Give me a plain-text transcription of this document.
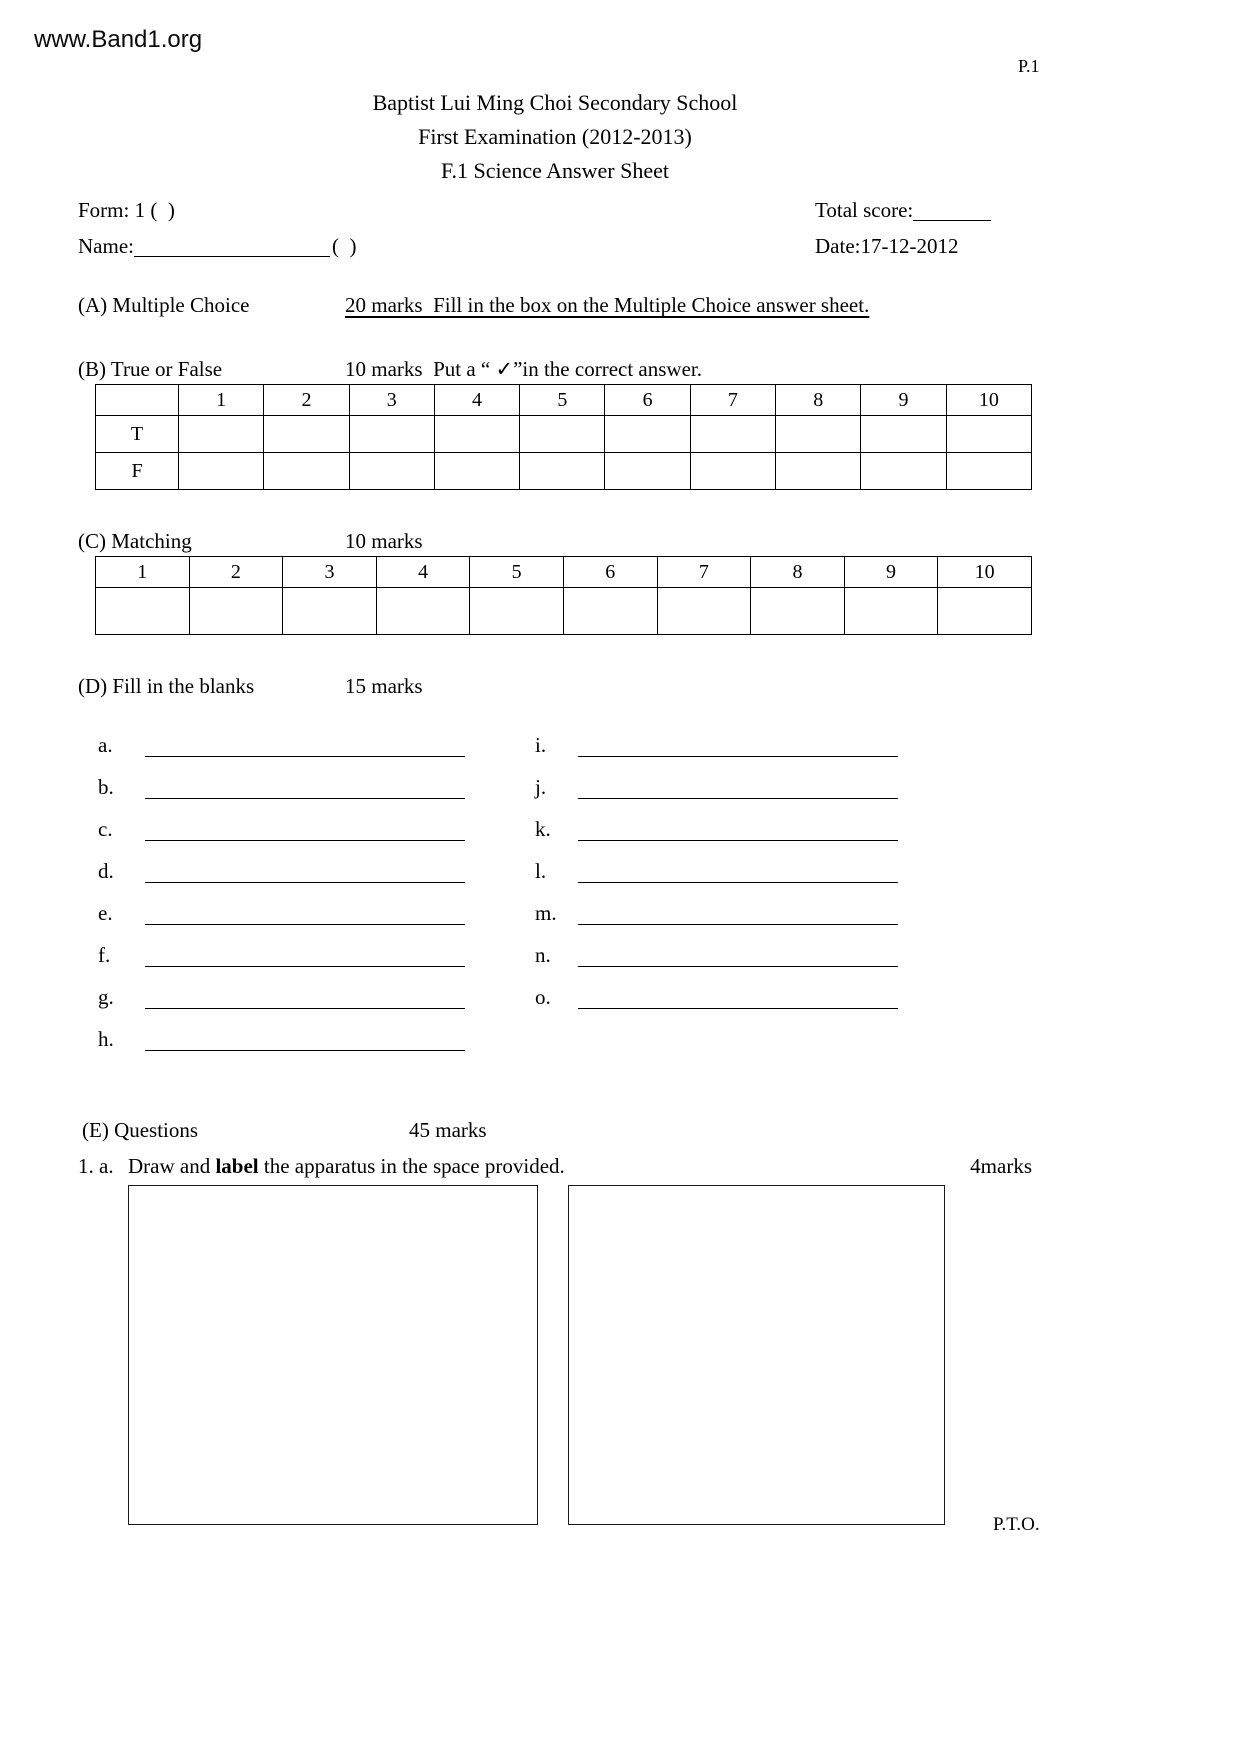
www.Band1.org
P.1
Baptist Lui Ming Choi Secondary School
First Examination (2012-2013)
F.1 Science Answer Sheet
Form: 1 (  )	Total score:
Name:	(  )	Date:17-12-2012
(A) Multiple Choice	20 marks  Fill in the box on the Multiple Choice answer sheet.
(B) True or False	10 marks  Put a “ ✓”in the correct answer.
	1	2	3	4	5	6	7	8	9	10
T										
F										
(C) Matching	10 marks
1	2	3	4	5	6	7	8	9	10

(D) Fill in the blanks	15 marks
a.
b.
c.
d.
e.
f.
g.
h.
i.
j.
k.
l.
m.
n.
o.
(E) Questions	45 marks
1. a. Draw and label the apparatus in the space provided.	4marks
P.T.O.
